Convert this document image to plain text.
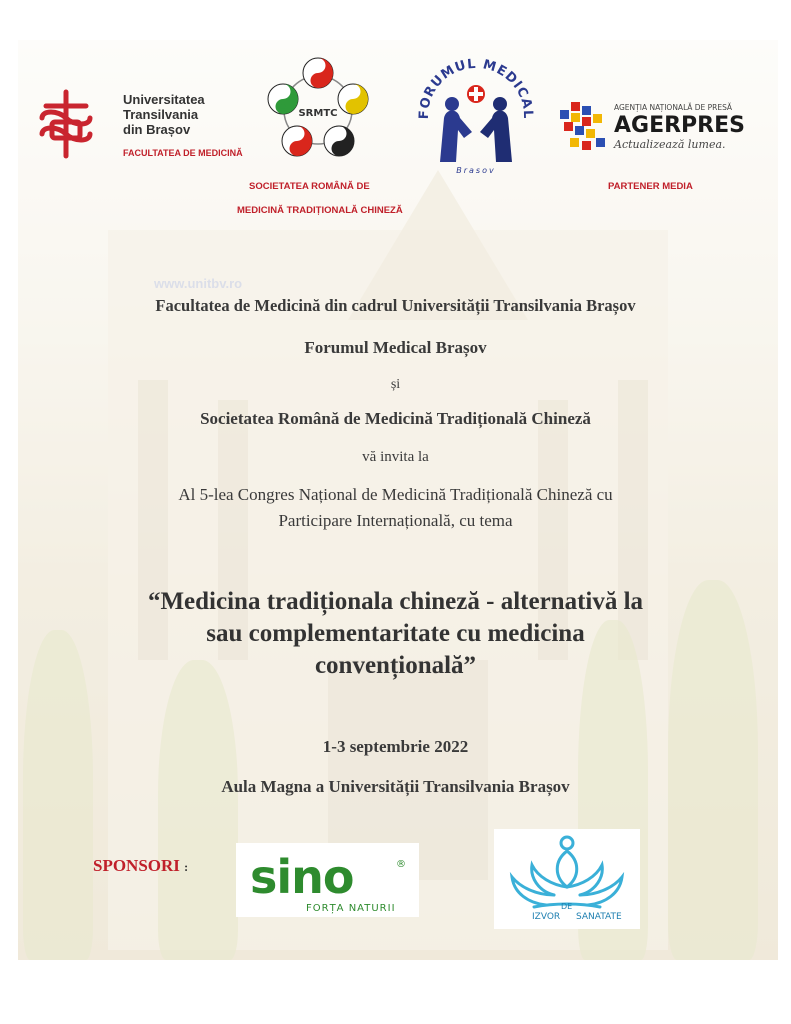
www.unitbv.ro
Universitatea
Transilvania
din Brașov
FACULTATEA DE MEDICINĂ
SRMTC
SOCIETATEA ROMÂNĂ DE
MEDICINĂ TRADIȚIONALĂ CHINEZĂ
FORUMUL MEDICAL
Brasov
AGENȚIA NAȚIONALĂ DE PRESĂ
AGERPRES
Actualizează lumea.
PARTENER MEDIA
Facultatea de Medicină din cadrul Universității Transilvania Brașov
Forumul Medical Brașov
și
Societatea Română de Medicină Tradițională Chineză
vă invita la
Al 5-lea Congres Național de Medicină Tradițională Chineză cu
Participare Internațională, cu tema
“Medicina tradiționala chineză - alternativă la
sau complementaritate cu medicina
convențională”
1-3 septembrie 2022
Aula Magna a Universității Transilvania Brașov
SPONSORI : sino	®
FORȚA NATURII
IZVOR
DE
SANATATE
